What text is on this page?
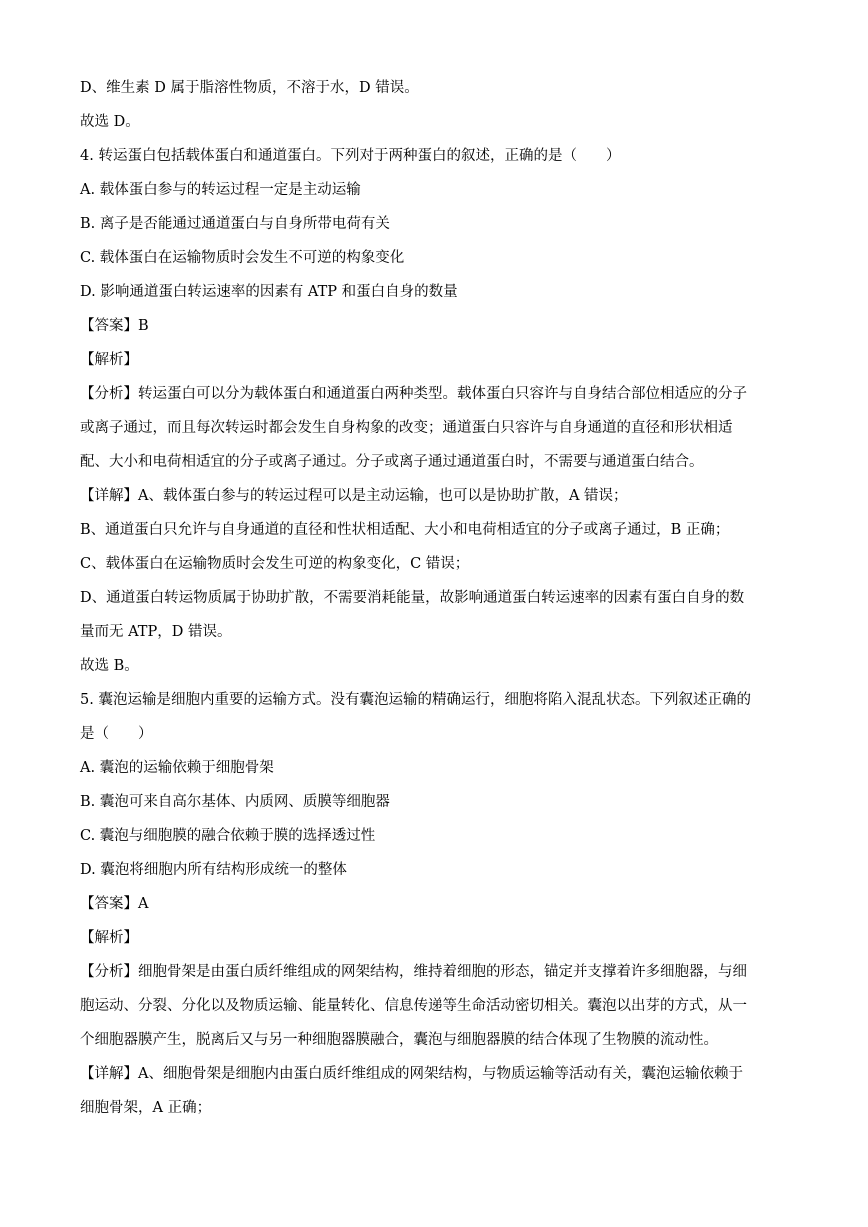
D、维生素 D 属于脂溶性物质，不溶于水，D 错误。

故选 D。

4. 转运蛋白包括载体蛋白和通道蛋白。下列对于两种蛋白的叙述，正确的是（　　）

A. 载体蛋白参与的转运过程一定是主动运输

B. 离子是否能通过通道蛋白与自身所带电荷有关

C. 载体蛋白在运输物质时会发生不可逆的构象变化

D. 影响通道蛋白转运速率的因素有 ATP 和蛋白自身的数量

【答案】B

【解析】

【分析】转运蛋白可以分为载体蛋白和通道蛋白两种类型。载体蛋白只容许与自身结合部位相适应的分子

或离子通过，而且每次转运时都会发生自身构象的改变；通道蛋白只容许与自身通道的直径和形状相适

配、大小和电荷相适宜的分子或离子通过。分子或离子通过通道蛋白时，不需要与通道蛋白结合。

【详解】A、载体蛋白参与的转运过程可以是主动运输，也可以是协助扩散，A 错误；

B、通道蛋白只允许与自身通道的直径和性状相适配、大小和电荷相适宜的分子或离子通过，B 正确；

C、载体蛋白在运输物质时会发生可逆的构象变化，C 错误；

D、通道蛋白转运物质属于协助扩散，不需要消耗能量，故影响通道蛋白转运速率的因素有蛋白自身的数

量而无 ATP，D 错误。

故选 B。

5. 囊泡运输是细胞内重要的运输方式。没有囊泡运输的精确运行，细胞将陷入混乱状态。下列叙述正确的

是（　　）

A. 囊泡的运输依赖于细胞骨架

B. 囊泡可来自高尔基体、内质网、质膜等细胞器

C. 囊泡与细胞膜的融合依赖于膜的选择透过性

D. 囊泡将细胞内所有结构形成统一的整体

【答案】A

【解析】

【分析】细胞骨架是由蛋白质纤维组成的网架结构，维持着细胞的形态，锚定并支撑着许多细胞器，与细

胞运动、分裂、分化以及物质运输、能量转化、信息传递等生命活动密切相关。囊泡以出芽的方式，从一

个细胞器膜产生，脱离后又与另一种细胞器膜融合，囊泡与细胞器膜的结合体现了生物膜的流动性。

【详解】A、细胞骨架是细胞内由蛋白质纤维组成的网架结构，与物质运输等活动有关，囊泡运输依赖于

细胞骨架，A 正确；
